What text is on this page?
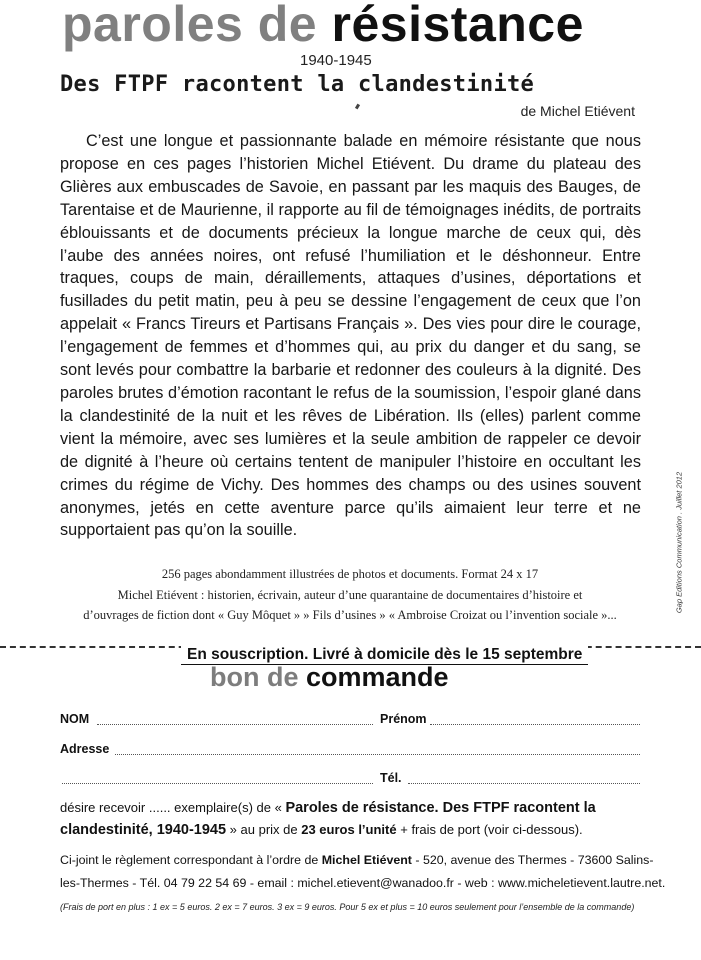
paroles de résistance
1940-1945
Des FTPF racontent la clandestinité
de Michel Etiévent

C’est une longue et passionnante balade en mémoire résistante que nous propose en ces pages l’historien Michel Etiévent. Du drame du plateau des Glières aux embuscades de Savoie, en passant par les maquis des Bauges, de Tarentaise et de Maurienne, il rapporte au fil de témoignages inédits, de portraits éblouissants et de documents précieux la longue marche de ceux qui, dès l’aube des années noires, ont refusé l’humiliation et le déshonneur. Entre traques, coups de main, déraillements, attaques d’usines, déportations et fusillades du petit matin, peu à peu se dessine l’engagement de ceux que l’on appelait « Francs Tireurs et Partisans Français ». Des vies pour dire le courage, l’engagement de femmes et d’hommes qui, au prix du danger et du sang, se sont levés pour combattre la barbarie et redonner des couleurs à la dignité. Des paroles brutes d’émotion racontant le refus de la soumission, l’espoir glané dans la clandestinité de la nuit et les rêves de Libération. Ils (elles) parlent comme vient la mémoire, avec ses lumières et la seule ambition de rappeler ce devoir de dignité à l’heure où certains tentent de manipuler l’histoire en occultant les crimes du régime de Vichy. Des hommes des champs ou des usines souvent anonymes, jetés en cette aventure parce qu’ils aimaient leur terre et ne supportaient pas qu’on la souille.

256 pages abondamment illustrées de photos et documents. Format 24 x 17
Michel Etiévent : historien, écrivain, auteur d’une quarantaine de documentaires d’histoire et
d’ouvrages de fiction dont « Guy Môquet » » Fils d’usines » « Ambroise Croizat ou l’invention sociale »...
Gap Editions Communication . Juillet 2012
En souscription. Livré à domicile dès le 15 septembre
bon de commande
NOM	Prénom
Adresse
Tél.
désire recevoir ...... exemplaire(s) de « Paroles de résistance. Des FTPF racontent la
clandestinité, 1940-1945 » au prix de 23 euros l’unité + frais de port (voir ci-dessous).
Ci-joint le règlement correspondant à l’ordre de Michel Etiévent - 520, avenue des Thermes - 73600 Salins-
les-Thermes - Tél. 04 79 22 54 69 - email : michel.etievent@wanadoo.fr - web : www.micheletievent.lautre.net.
(Frais de port en plus : 1 ex = 5 euros. 2 ex = 7 euros. 3 ex = 9 euros. Pour 5 ex et plus = 10 euros seulement pour l’ensemble de la commande)
